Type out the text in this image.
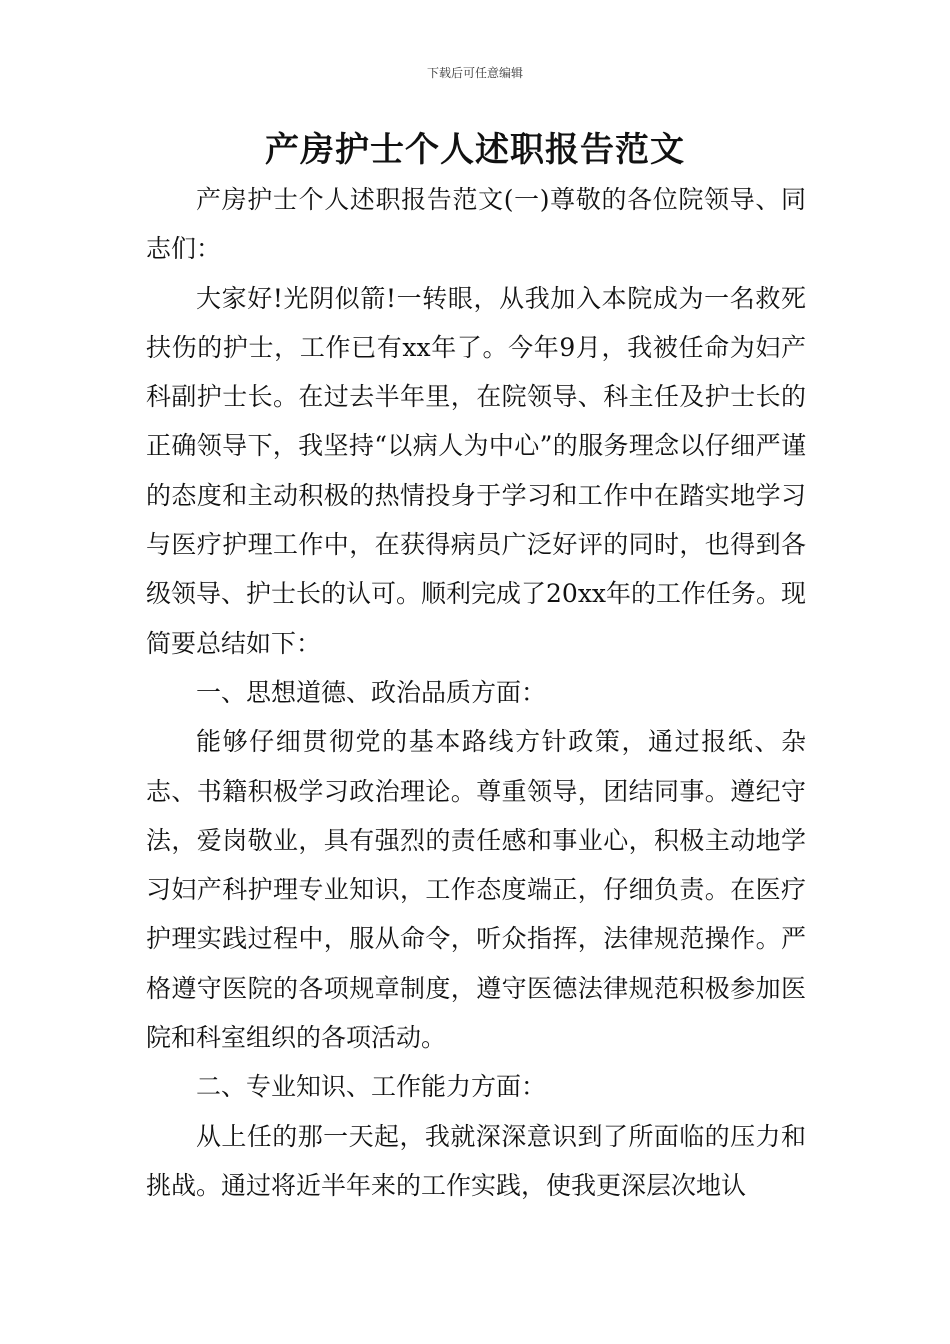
下载后可任意编辑
产房护士个人述职报告范文

产房护士个人述职报告范文(一)尊敬的各位院领导、同志们：

大家好!光阴似箭!一转眼，从我加入本院成为一名救死扶伤的护士，工作已有xx年了。今年9月，我被任命为妇产科副护士长。在过去半年里，在院领导、科主任及护士长的正确领导下，我坚持“以病人为中心”的服务理念以仔细严谨的态度和主动积极的热情投身于学习和工作中在踏实地学习与医疗护理工作中，在获得病员广泛好评的同时，也得到各级领导、护士长的认可。顺利完成了20xx年的工作任务。现简要总结如下：

一、思想道德、政治品质方面：

能够仔细贯彻党的基本路线方针政策，通过报纸、杂志、书籍积极学习政治理论。尊重领导，团结同事。遵纪守法，爱岗敬业，具有强烈的责任感和事业心，积极主动地学习妇产科护理专业知识，工作态度端正，仔细负责。在医疗护理实践过程中，服从命令，听众指挥，法律规范操作。严格遵守医院的各项规章制度，遵守医德法律规范积极参加医院和科室组织的各项活动。

二、专业知识、工作能力方面：

从上任的那一天起，我就深深意识到了所面临的压力和挑战。通过将近半年来的工作实践，使我更深层次地认
